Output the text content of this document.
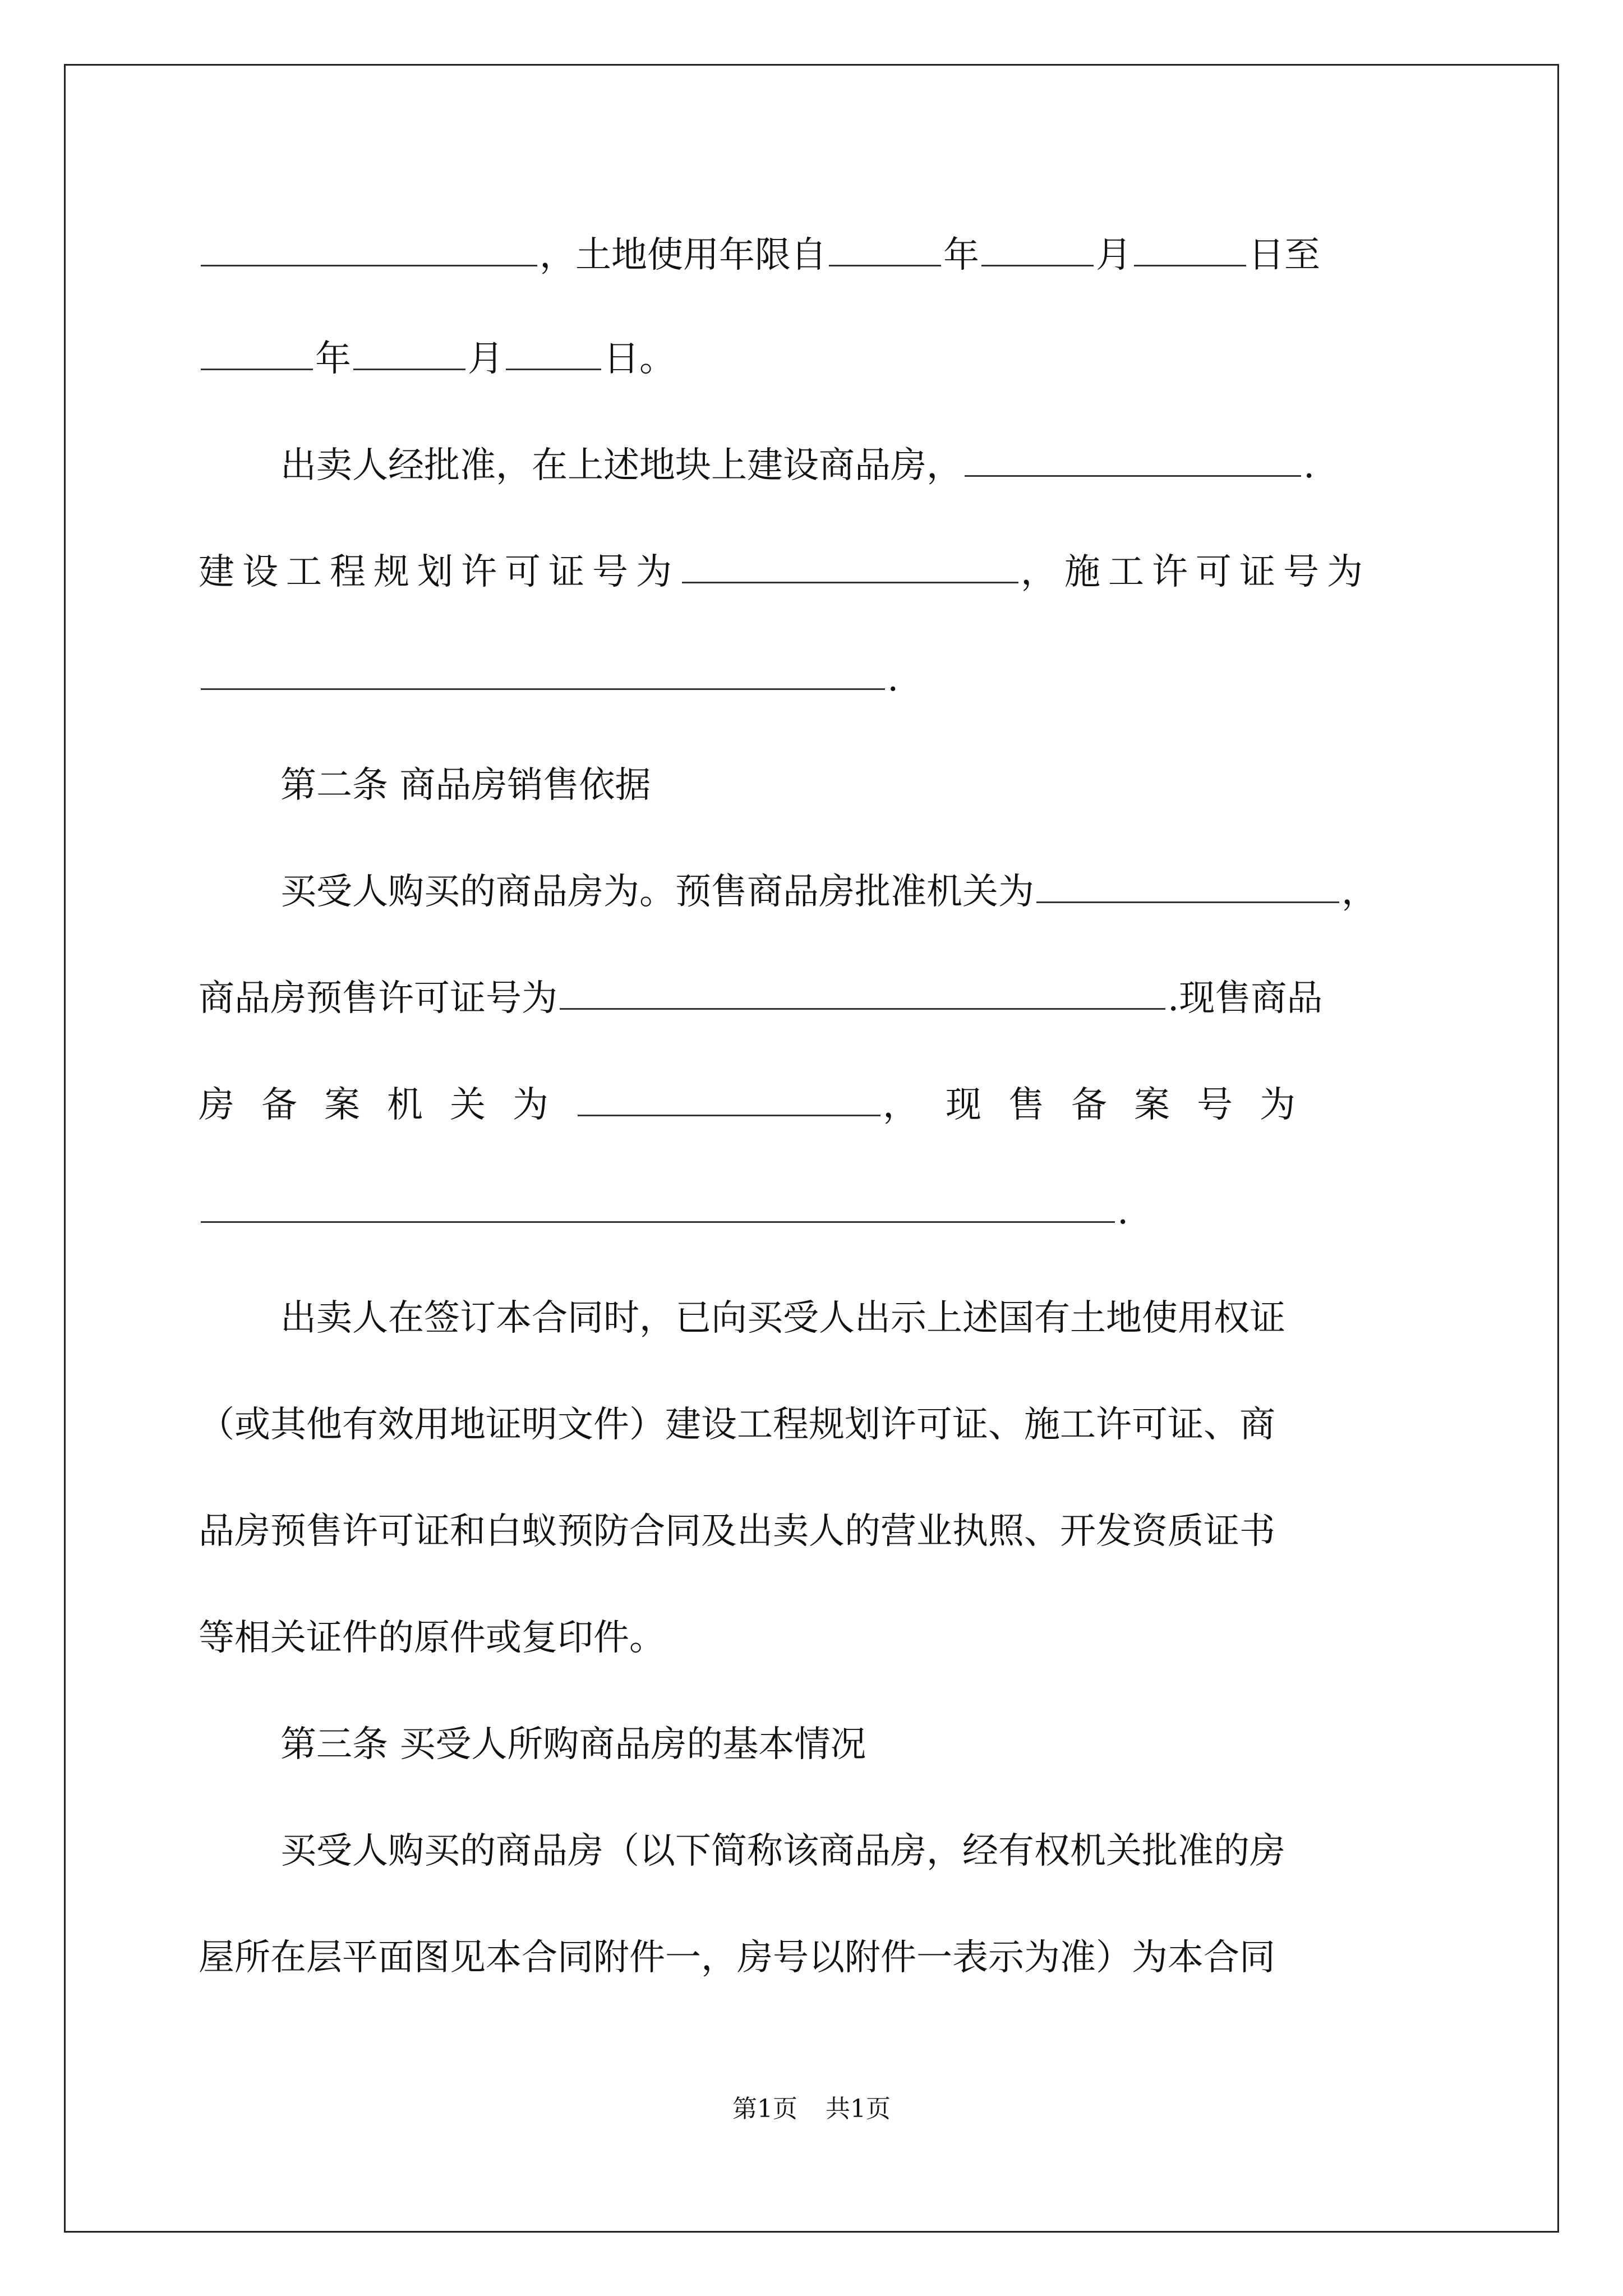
，土地使用年限自	年	月	日至
年	月	日。
出卖人经批准，在上述地块上建设商品房，	.
建设工程规划许可证号为	，施工许可证号为
.
第二条 商品房销售依据
买受人购买的商品房为。预售商品房批准机关为	，
商品房预售许可证号为	.现售商品
房备案机关为	，现售备案号为
.
出卖人在签订本合同时，已向买受人出示上述国有土地使用权证
（或其他有效用地证明文件）建设工程规划许可证、施工许可证、商
品房预售许可证和白蚁预防合同及出卖人的营业执照、开发资质证书
等相关证件的原件或复印件。
第三条 买受人所购商品房的基本情况
买受人购买的商品房（以下简称该商品房，经有权机关批准的房
屋所在层平面图见本合同附件一，房号以附件一表示为准）为本合同
第1页 共1页
